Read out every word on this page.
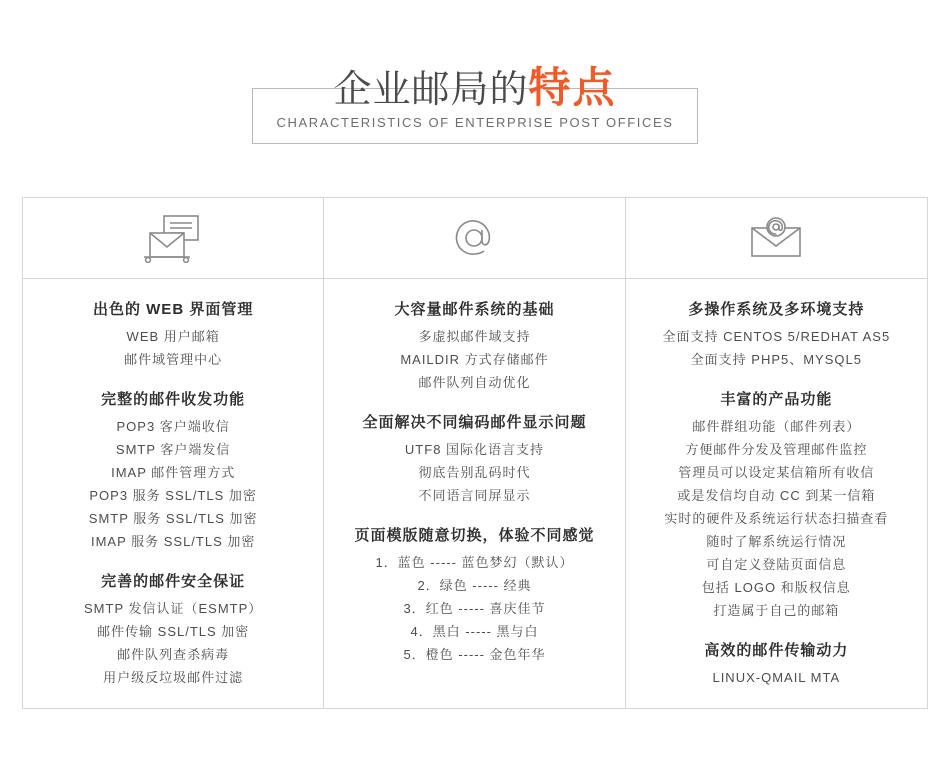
企业邮局的特点
CHARACTERISTICS OF ENTERPRISE POST OFFICES
出色的 WEB 界面管理
WEB 用户邮箱
邮件域管理中心
完整的邮件收发功能
POP3 客户端收信
SMTP 客户端发信
IMAP 邮件管理方式
POP3 服务 SSL/TLS 加密
SMTP 服务 SSL/TLS 加密
IMAP 服务 SSL/TLS 加密
完善的邮件安全保证
SMTP 发信认证（ESMTP）
邮件传输 SSL/TLS 加密
邮件队列查杀病毒
用户级反垃圾邮件过滤
大容量邮件系统的基础
多虚拟邮件域支持
MAILDIR 方式存储邮件
邮件队列自动优化
全面解决不同编码邮件显示问题
UTF8 国际化语言支持
彻底告别乱码时代
不同语言同屏显示
页面模版随意切换，体验不同感觉
1．蓝色 ----- 蓝色梦幻（默认）
2．绿色 ----- 经典
3．红色 ----- 喜庆佳节
4．黑白 ----- 黑与白
5．橙色 ----- 金色年华
多操作系统及多环境支持
全面支持 CENTOS 5/REDHAT AS5
全面支持 PHP5、MYSQL5
丰富的产品功能
邮件群组功能（邮件列表）
方便邮件分发及管理邮件监控
管理员可以设定某信箱所有收信
或是发信均自动 CC 到某一信箱
实时的硬件及系统运行状态扫描查看
随时了解系统运行情况
可自定义登陆页面信息
包括 LOGO 和版权信息
打造属于自己的邮箱
高效的邮件传输动力
LINUX-QMAIL MTA
